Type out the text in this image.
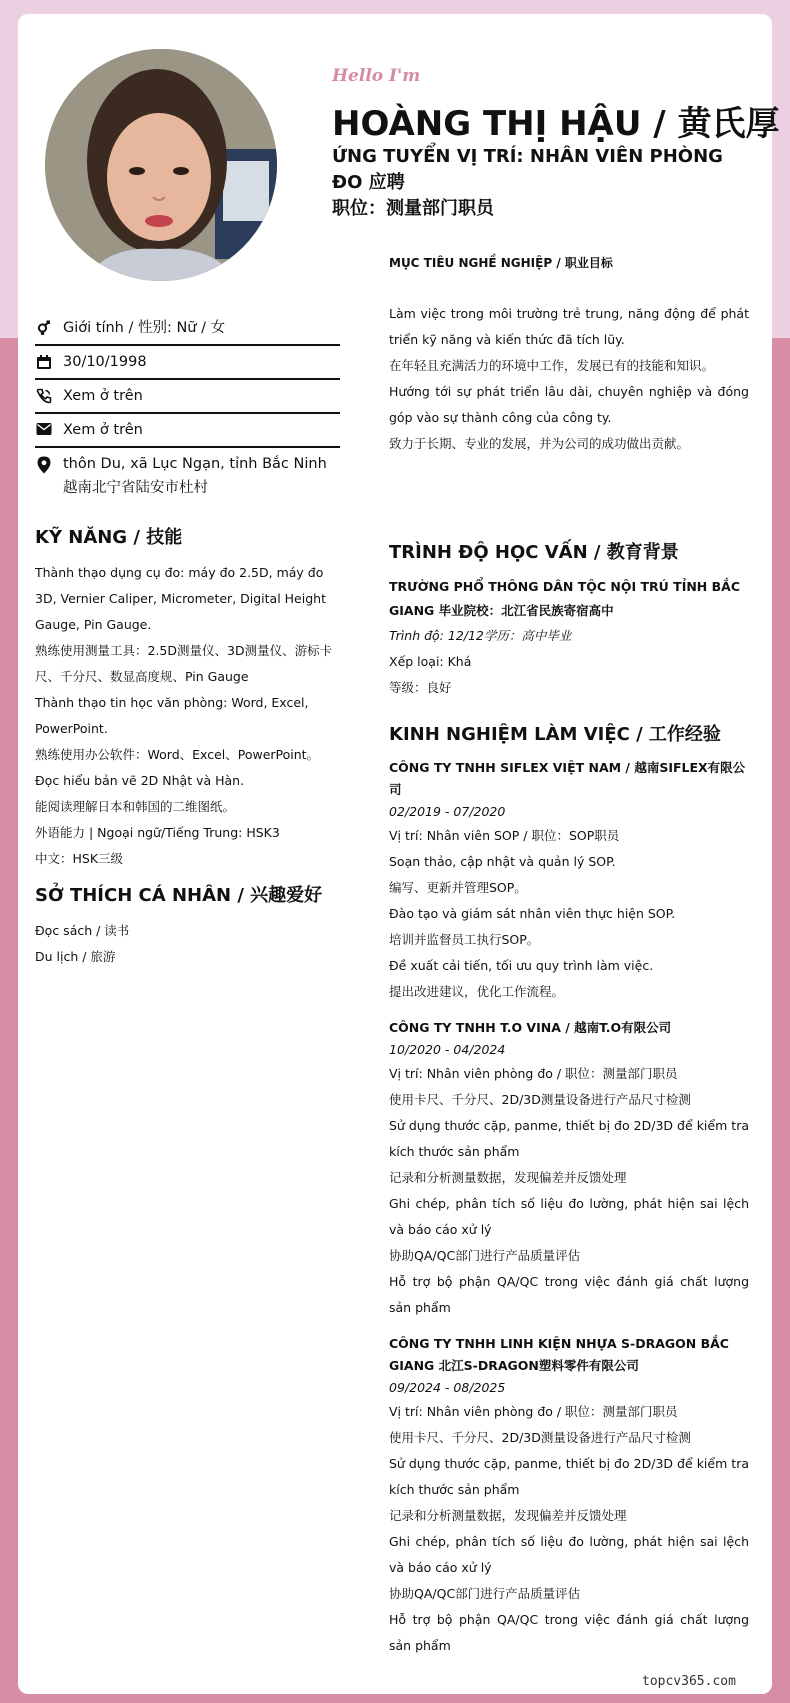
Hello I'm
HOÀNG THỊ HẬU / 黄氏厚
ỨNG TUYỂN VỊ TRÍ: NHÂN VIÊN PHÒNG ĐO 应聘
职位：测量部门职员
Giới tính / 性别: Nữ / 女
30/10/1998
Xem ở trên
Xem ở trên
thôn Du, xã Lục Ngạn, tỉnh Bắc Ninh 越南北宁省陆安市杜村
KỸ NĂNG / 技能
Thành thạo dụng cụ đo: máy đo 2.5D, máy đo 3D, Vernier Caliper, Micrometer, Digital Height Gauge, Pin Gauge.
熟练使用测量工具：2.5D测量仪、3D测量仪、游标卡尺、千分尺、数显高度规、Pin Gauge
Thành thạo tin học văn phòng: Word, Excel, PowerPoint.
熟练使用办公软件：Word、Excel、PowerPoint。
Đọc hiểu bản vẽ 2D Nhật và Hàn.
能阅读理解日本和韩国的二维图纸。
外语能力 | Ngoại ngữ/Tiếng Trung: HSK3
中文：HSK三级
SỞ THÍCH CÁ NHÂN / 兴趣爱好
Đọc sách / 读书
Du lịch / 旅游
MỤC TIÊU NGHỀ NGHIỆP / 职业目标
Làm việc trong môi trường trẻ trung, năng động để phát triển kỹ năng và kiến thức đã tích lũy.
在年轻且充满活力的环境中工作，发展已有的技能和知识。
Hướng tới sự phát triển lâu dài, chuyên nghiệp và đóng góp vào sự thành công của công ty.
致力于长期、专业的发展，并为公司的成功做出贡献。
TRÌNH ĐỘ HỌC VẤN / 教育背景
TRƯỜNG PHỔ THÔNG DÂN TỘC NỘI TRÚ TỈNH BẮC GIANG 毕业院校：北江省民族寄宿高中
Trình độ: 12/12学历：高中毕业
Xếp loại: Khá
等级：良好
KINH NGHIỆM LÀM VIỆC / 工作经验
CÔNG TY TNHH SIFLEX VIỆT NAM / 越南SIFLEX有限公司
02/2019 - 07/2020
Vị trí: Nhân viên SOP / 职位：SOP职员
Soạn thảo, cập nhật và quản lý SOP.
编写、更新并管理SOP。
Đào tạo và giám sát nhân viên thực hiện SOP.
培训并监督员工执行SOP。
Đề xuất cải tiến, tối ưu quy trình làm việc.
提出改进建议，优化工作流程。
CÔNG TY TNHH T.O VINA / 越南T.O有限公司
10/2020 - 04/2024
Vị trí: Nhân viên phòng đo / 职位：测量部门职员
使用卡尺、千分尺、2D/3D测量设备进行产品尺寸检测
Sử dụng thước cặp, panme, thiết bị đo 2D/3D để kiểm tra kích thước sản phẩm
记录和分析测量数据，发现偏差并反馈处理
Ghi chép, phân tích số liệu đo lường, phát hiện sai lệch và báo cáo xử lý
协助QA/QC部门进行产品质量评估
Hỗ trợ bộ phận QA/QC trong việc đánh giá chất lượng sản phẩm
CÔNG TY TNHH LINH KIỆN NHỰA S-DRAGON BẮC GIANG 北江S-DRAGON塑料零件有限公司
09/2024 - 08/2025
Vị trí: Nhân viên phòng đo / 职位：测量部门职员
使用卡尺、千分尺、2D/3D测量设备进行产品尺寸检测
Sử dụng thước cặp, panme, thiết bị đo 2D/3D để kiểm tra kích thước sản phẩm
记录和分析测量数据，发现偏差并反馈处理
Ghi chép, phân tích số liệu đo lường, phát hiện sai lệch và báo cáo xử lý
协助QA/QC部门进行产品质量评估
Hỗ trợ bộ phận QA/QC trong việc đánh giá chất lượng sản phẩm
topcv365.com
